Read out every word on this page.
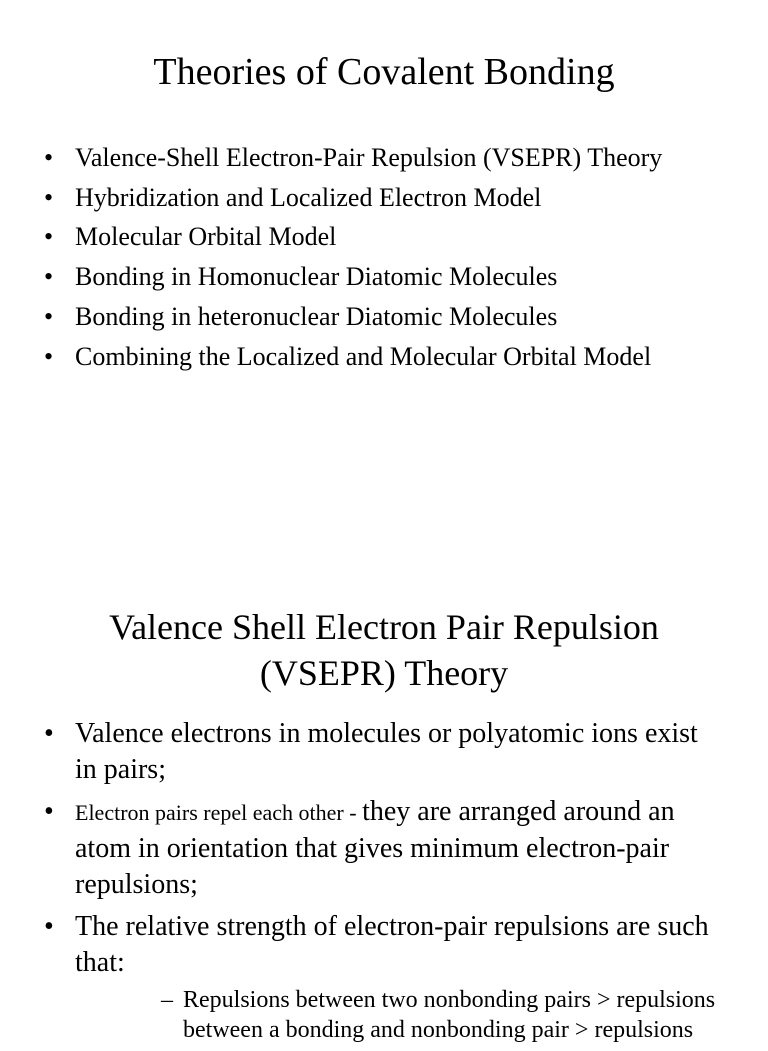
Theories of Covalent Bonding
• Valence-Shell Electron-Pair Repulsion (VSEPR) Theory
• Hybridization and Localized Electron Model
• Molecular Orbital Model
• Bonding in Homonuclear Diatomic Molecules
• Bonding in heteronuclear Diatomic Molecules
• Combining the Localized and Molecular Orbital Model
Valence Shell Electron Pair Repulsion
(VSEPR) Theory
• Valence electrons in molecules or polyatomic ions exist in pairs;
• Electron pairs repel each other - they are arranged around an atom in orientation that gives minimum electron-pair repulsions;
• The relative strength of electron-pair repulsions are such that:
– Repulsions between two nonbonding pairs > repulsions between a bonding and nonbonding pair > repulsions
